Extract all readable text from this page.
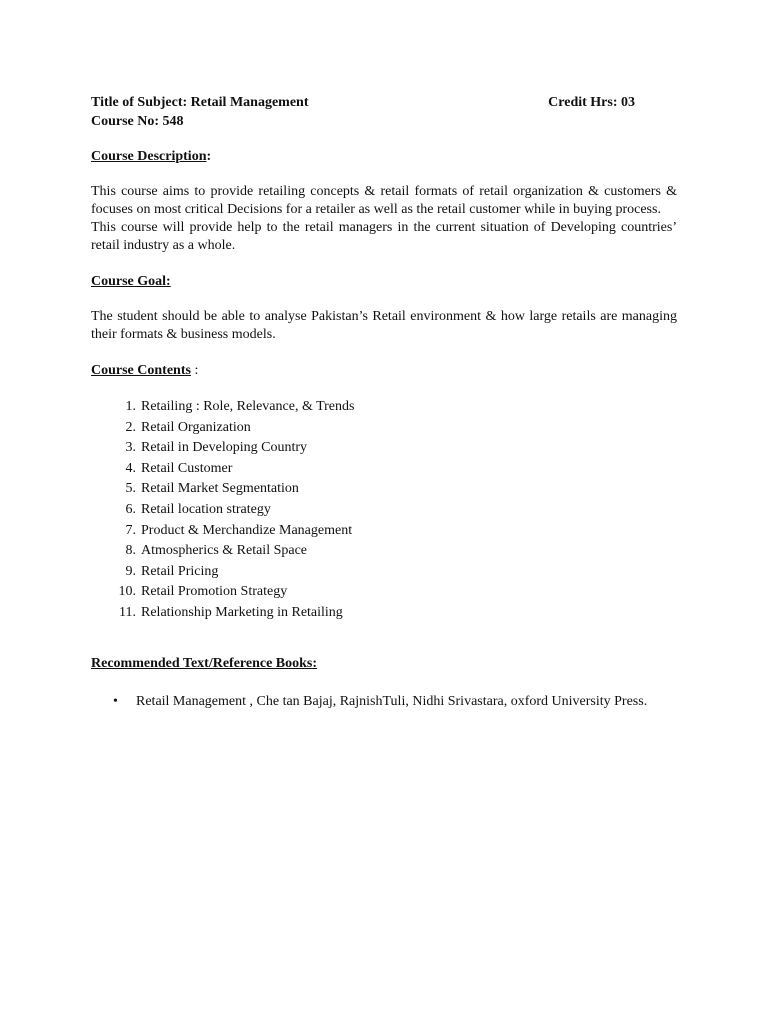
Title of Subject: Retail Management	Credit Hrs: 03
Course No: 548
Course Description:

This course aims to provide retailing concepts & retail formats of retail organization & customers & focuses on most critical Decisions for a retailer as well as the retail customer while in buying process.

This course will provide help to the retail managers in the current situation of Developing countries’ retail industry as a whole.

Course Goal:

The student should be able to analyse Pakistan’s Retail environment & how large retails are managing their formats & business models.

Course Contents :
1. Retailing : Role, Relevance, & Trends
2. Retail Organization
3. Retail in Developing Country
4. Retail Customer
5. Retail Market Segmentation
6. Retail location strategy
7. Product & Merchandize Management
8. Atmospherics & Retail Space
9. Retail Pricing
10. Retail Promotion Strategy
11. Relationship Marketing in Retailing
Recommended Text/Reference Books:
•	Retail Management , Che tan Bajaj, RajnishTuli, Nidhi Srivastara, oxford University Press.
